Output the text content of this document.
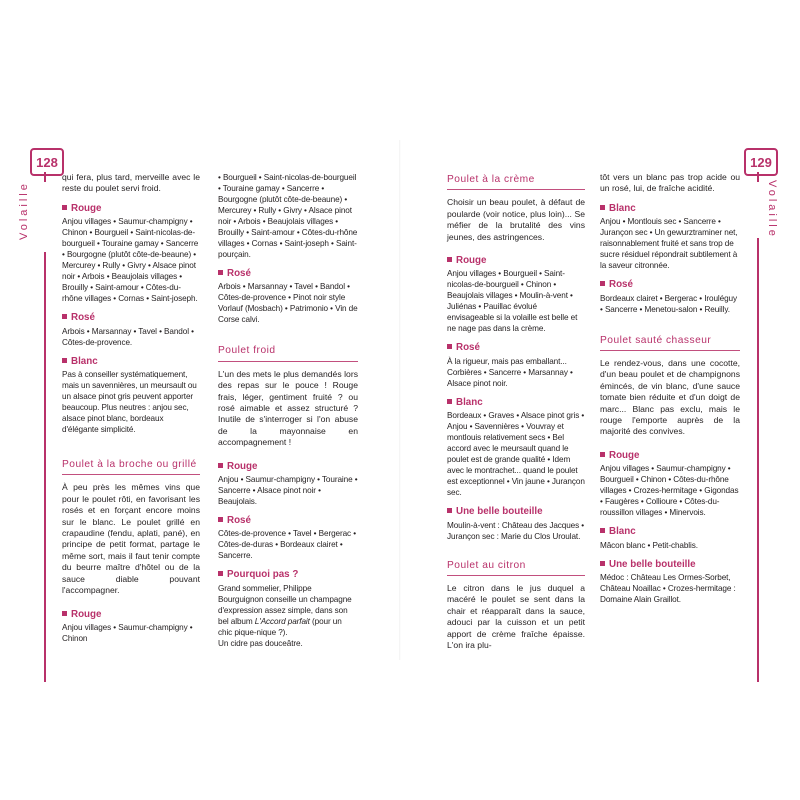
128
Volaille
129
Volaille

qui fera, plus tard, merveille avec le reste du poulet servi froid.

Rouge

Anjou villages • Saumur-champigny • Chinon • Bourgueil • Saint-nicolas-de-bourgueil • Touraine gamay • Sancerre • Bourgogne (plutôt côte-de-beaune) • Mercurey • Rully • Givry • Alsace pinot noir • Arbois • Beaujolais villages • Brouilly • Saint-amour • Côtes-du-rhône villages • Cornas • Saint-joseph.

Rosé

Arbois • Marsannay • Tavel • Bandol • Côtes-de-provence.

Blanc

Pas à conseiller systématiquement, mais un savennières, un meursault ou un alsace pinot gris peuvent apporter beaucoup. Plus neutres : anjou sec, alsace pinot blanc, bordeaux d'élégante simplicité.

Poulet à la broche ou grillé

À peu près les mêmes vins que pour le poulet rôti, en favorisant les rosés et en forçant encore moins sur le blanc. Le poulet grillé en crapaudine (fendu, aplati, pané), en principe de petit format, partage le même sort, mais il faut tenir compte du beurre maître d'hôtel ou de la sauce diable pouvant l'accompagner.

Rouge

Anjou villages • Saumur-champigny • Chinon

• Bourgueil • Saint-nicolas-de-bourgueil • Touraine gamay • Sancerre • Bourgogne (plutôt côte-de-beaune) • Mercurey • Rully • Givry • Alsace pinot noir • Arbois • Beaujolais villages • Brouilly • Saint-amour • Côtes-du-rhône villages • Cornas • Saint-joseph • Saint-pourçain.

Rosé

Arbois • Marsannay • Tavel • Bandol • Côtes-de-provence • Pinot noir style Vorlauf (Mosbach) • Patrimonio • Vin de Corse calvi.

Poulet froid

L'un des mets le plus demandés lors des repas sur le pouce ! Rouge frais, léger, gentiment fruité ? ou rosé aimable et assez structuré ? Inutile de s'interroger si l'on abuse de la mayonnaise en accompagnement !

Rouge

Anjou • Saumur-champigny • Touraine • Sancerre • Alsace pinot noir • Beaujolais.

Rosé

Côtes-de-provence • Tavel • Bergerac • Côtes-de-duras • Bordeaux clairet • Sancerre.

Pourquoi pas ?

Grand sommelier, Philippe Bourguignon conseille un champagne d'expression assez simple, dans son bel album L'Accord parfait (pour un chic pique-nique ?).
Un cidre pas douceâtre.

Poulet à la crème

Choisir un beau poulet, à défaut de poularde (voir notice, plus loin)... Se méfier de la brutalité des vins jeunes, des astringences.

Rouge

Anjou villages • Bourgueil • Saint-nicolas-de-bourgueil • Chinon • Beaujolais villages • Moulin-à-vent • Juliénas • Pauillac évolué envisageable si la volaille est belle et ne nage pas dans la crème.

Rosé

À la rigueur, mais pas emballant... Corbières • Sancerre • Marsannay • Alsace pinot noir.

Blanc

Bordeaux • Graves • Alsace pinot gris • Anjou • Savennières • Vouvray et montlouis relativement secs • Bel accord avec le meursault quand le poulet est de grande qualité • Idem avec le montrachet... quand le poulet est exceptionnel • Vin jaune • Jurançon sec.

Une belle bouteille

Moulin-à-vent : Château des Jacques • Jurançon sec : Marie du Clos Uroulat.

Poulet au citron

Le citron dans le jus duquel a macéré le poulet se sent dans la chair et réapparaît dans la sauce, adouci par la cuisson et un petit apport de crème fraîche épaisse. L'on ira plu-

tôt vers un blanc pas trop acide ou un rosé, lui, de fraîche acidité.

Blanc

Anjou • Montlouis sec • Sancerre • Jurançon sec • Un gewurztraminer net, raisonnablement fruité et sans trop de sucre résiduel répondrait subtilement à la saveur citronnée.

Rosé

Bordeaux clairet • Bergerac • Irouléguy • Sancerre • Menetou-salon • Reuilly.

Poulet sauté chasseur

Le rendez-vous, dans une cocotte, d'un beau poulet et de champignons émincés, de vin blanc, d'une sauce tomate bien réduite et d'un doigt de marc... Blanc pas exclu, mais le rouge l'emporte auprès de la majorité des convives.

Rouge

Anjou villages • Saumur-champigny • Bourgueil • Chinon • Côtes-du-rhône villages • Crozes-hermitage • Gigondas • Faugères • Collioure • Côtes-du-roussillon villages • Minervois.

Blanc

Mâcon blanc • Petit-chablis.

Une belle bouteille

Médoc : Château Les Ormes-Sorbet, Château Noaillac • Crozes-hermitage : Domaine Alain Graillot.
